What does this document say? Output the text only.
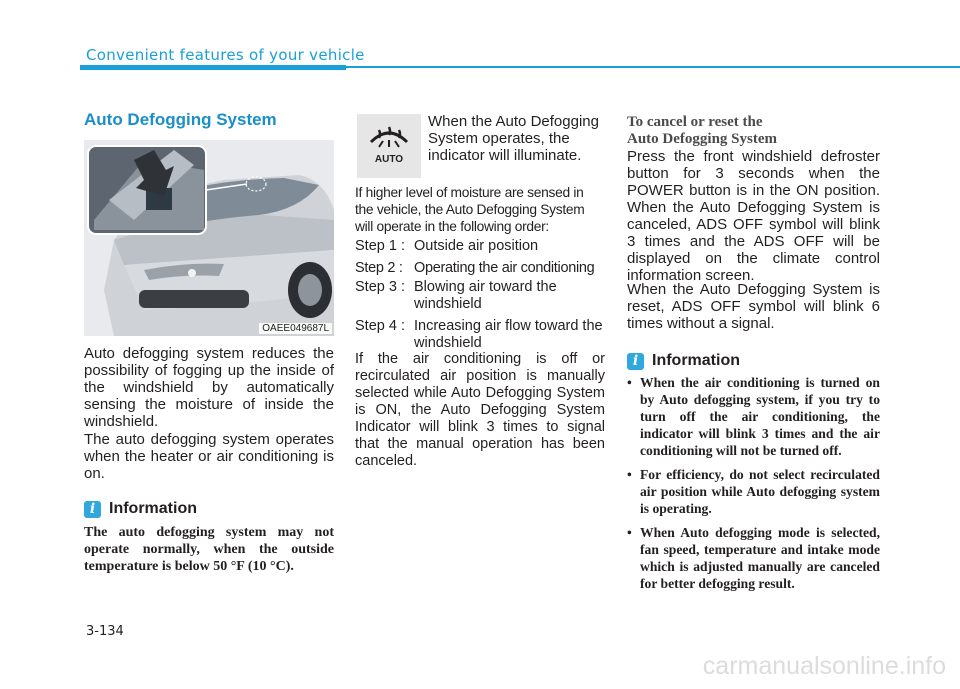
Convenient features of your vehicle
Auto Defogging System
OAEE049687L

Auto defogging system reduces the possibility of fogging up the inside of the windshield by automatically sensing the moisture of inside the windshield.

The auto defogging system operates when the heater or air conditioning is on.

i Information

The auto defogging system may not operate normally, when the outside temperature is below 50 °F (10 °C).

AUTO

When the Auto Defogging System operates, the indicator will illuminate.

If higher level of moisture are sensed in the vehicle, the Auto Defogging System will operate in the following order:

Step 1 : Outside air position
Step 2 : Operating the air conditioning
Step 3 : Blowing air toward the windshield
Step 4 : Increasing air flow toward the windshield

If the air conditioning is off or recirculated air position is manually selected while Auto Defogging System is ON, the Auto Defogging System Indicator will blink 3 times to signal that the manual operation has been canceled.

To cancel or reset the
Auto Defogging System

Press the front windshield defroster button for 3 seconds when the POWER button is in the ON position. When the Auto Defogging System is canceled, ADS OFF symbol will blink 3 times and the ADS OFF will be displayed on the climate control information screen.

When the Auto Defogging System is reset, ADS OFF symbol will blink 6 times without a signal.

i Information
• When the air conditioning is turned on by Auto defogging system, if you try to turn off the air conditioning, the indicator will blink 3 times and the air conditioning will not be turned off.
• For efficiency, do not select recirculated air position while Auto defogging system is operating.
• When Auto defogging mode is selected, fan speed, temperature and intake mode which is adjusted manually are canceled for better defogging result.
3-134
carmanualsonline.info
